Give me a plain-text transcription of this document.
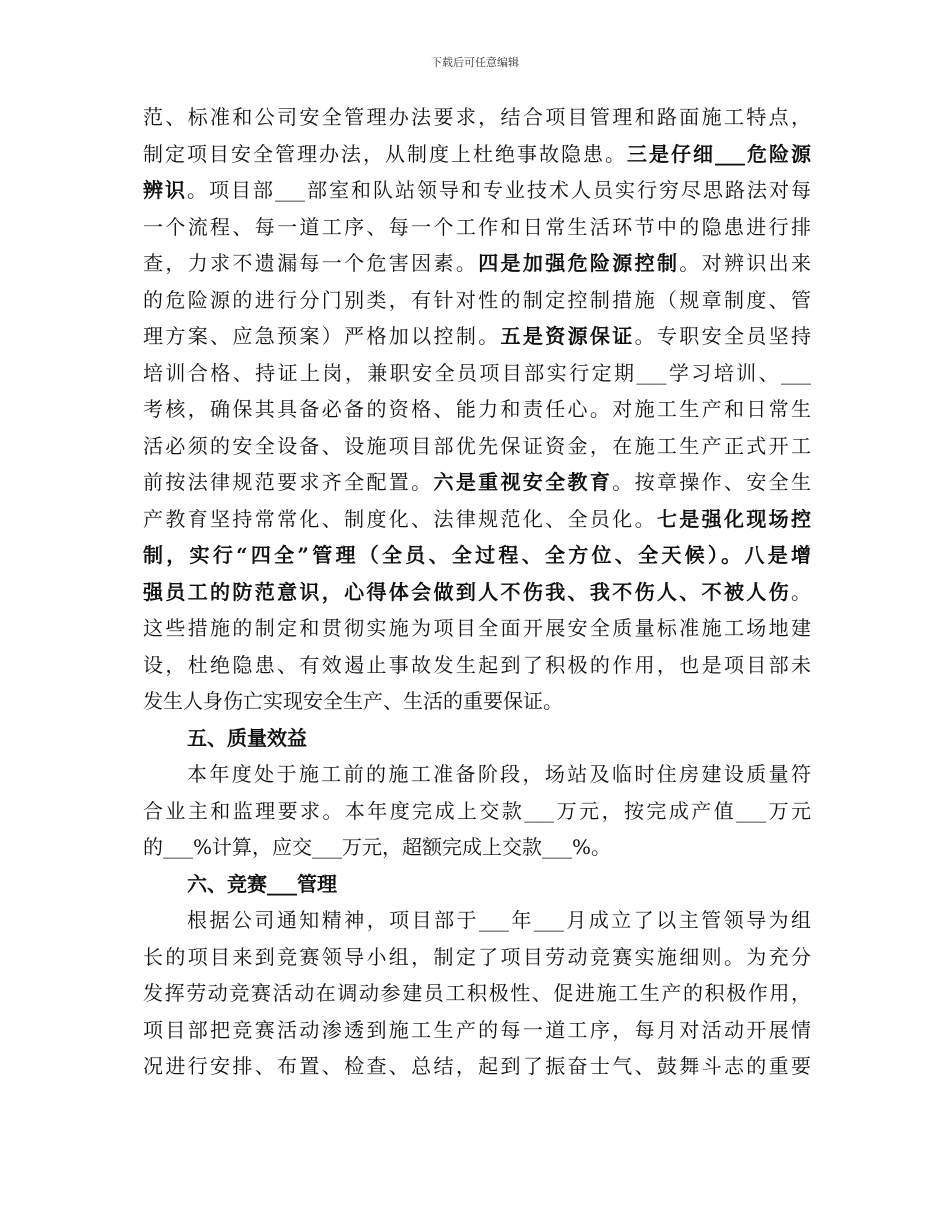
下载后可任意编辑
范、标准和公司安全管理办法要求，结合项目管理和路面施工特点，
制定项目安全管理办法，从制度上杜绝事故隐患。三是仔细___危险源
辨识。项目部___部室和队站领导和专业技术人员实行穷尽思路法对每
一个流程、每一道工序、每一个工作和日常生活环节中的隐患进行排
查，力求不遗漏每一个危害因素。四是加强危险源控制。对辨识出来
的危险源的进行分门别类，有针对性的制定控制措施（规章制度、管
理方案、应急预案）严格加以控制。五是资源保证。专职安全员坚持
培训合格、持证上岗，兼职安全员项目部实行定期___学习培训、___
考核，确保其具备必备的资格、能力和责任心。对施工生产和日常生
活必须的安全设备、设施项目部优先保证资金，在施工生产正式开工
前按法律规范要求齐全配置。六是重视安全教育。按章操作、安全生
产教育坚持常常化、制度化、法律规范化、全员化。七是强化现场控
制，实行“四全”管理（全员、全过程、全方位、全天候）。八是增
强员工的防范意识，心得体会做到人不伤我、我不伤人、不被人伤。
这些措施的制定和贯彻实施为项目全面开展安全质量标准施工场地建
设，杜绝隐患、有效遏止事故发生起到了积极的作用，也是项目部未
发生人身伤亡实现安全生产、生活的重要保证。
五、质量效益
本年度处于施工前的施工准备阶段，场站及临时住房建设质量符
合业主和监理要求。本年度完成上交款___万元，按完成产值___万元
的___%计算，应交___万元，超额完成上交款___%。
六、竞赛___管理
根据公司通知精神，项目部于___年___月成立了以主管领导为组
长的项目来到竞赛领导小组，制定了项目劳动竞赛实施细则。为充分
发挥劳动竞赛活动在调动参建员工积极性、促进施工生产的积极作用，
项目部把竞赛活动渗透到施工生产的每一道工序，每月对活动开展情
况进行安排、布置、检查、总结，起到了振奋士气、鼓舞斗志的重要
